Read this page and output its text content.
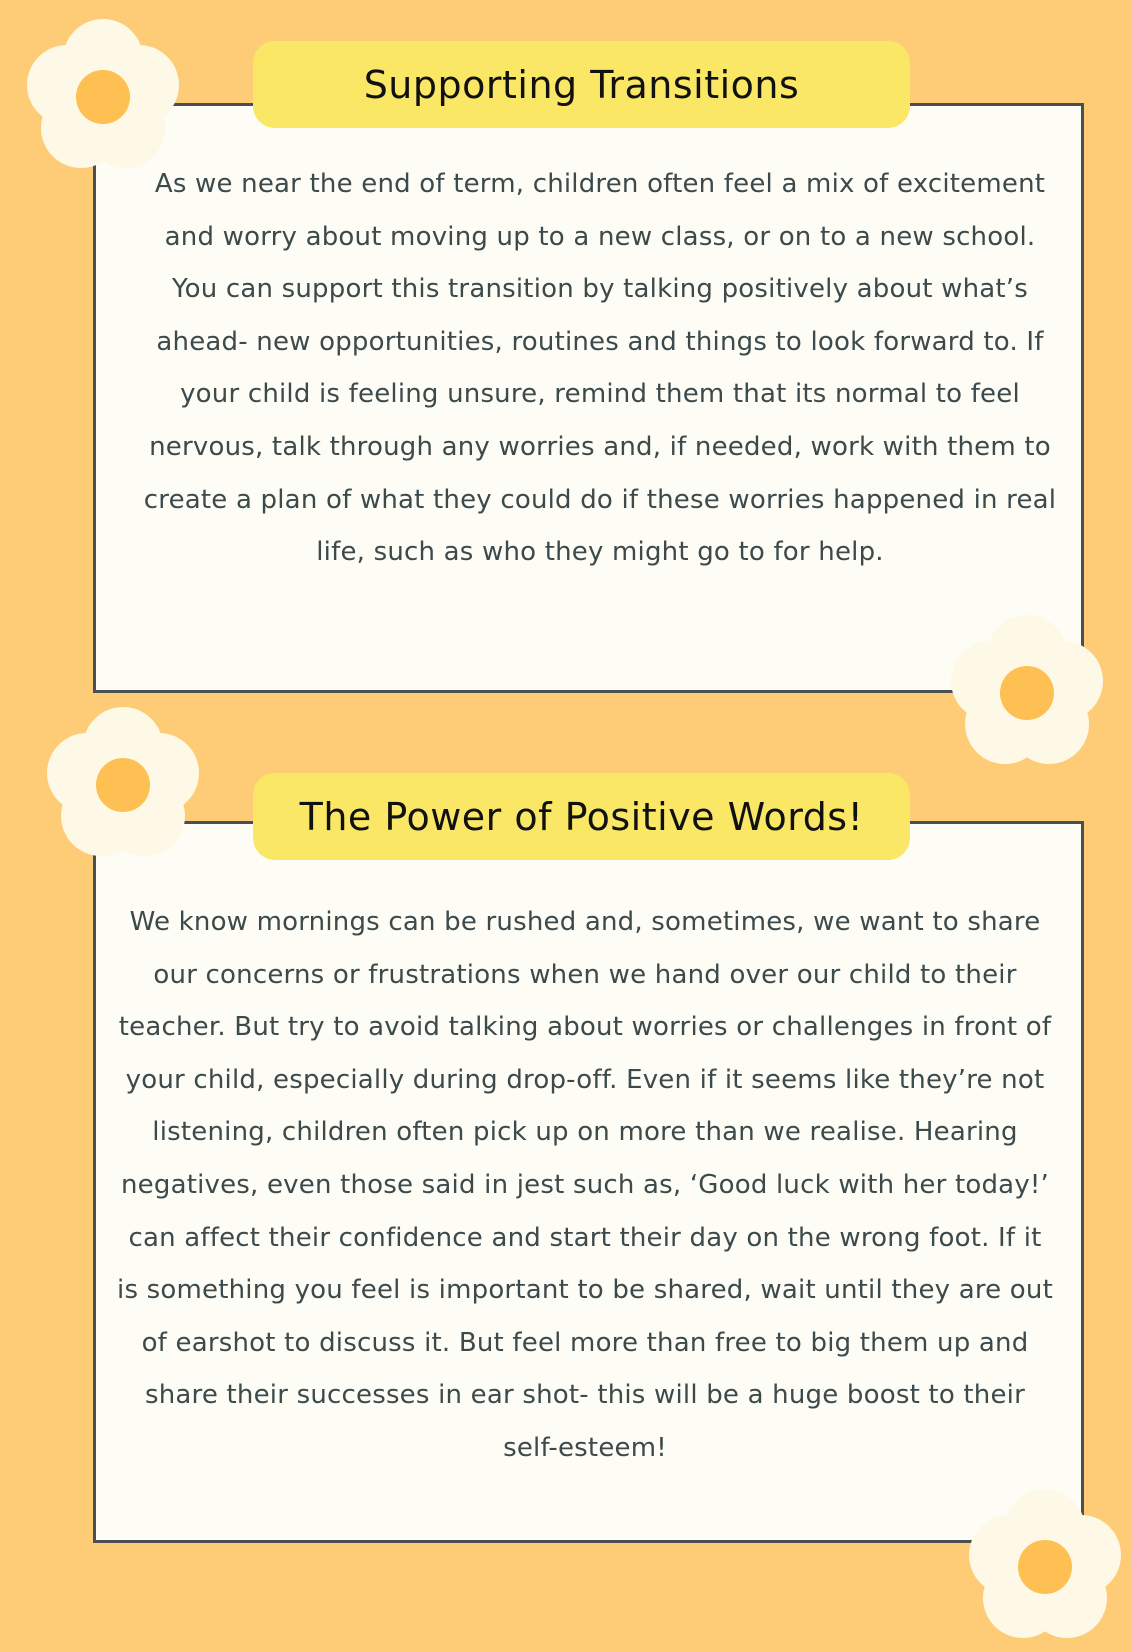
Supporting Transitions

As we near the end of term, children often feel a mix of excitement and worry about moving up to a new class, or on to a new school. You can support this transition by talking positively about what’s ahead- new opportunities, routines and things to look forward to. If your child is feeling unsure, remind them that its normal to feel nervous, talk through any worries and, if needed, work with them to create a plan of what they could do if these worries happened in real life, such as who they might go to for help.

The Power of Positive Words!

We know mornings can be rushed and, sometimes, we want to share our concerns or frustrations when we hand over our child to their teacher. But try to avoid talking about worries or challenges in front of your child, especially during drop-off. Even if it seems like they’re not listening, children often pick up on more than we realise. Hearing negatives, even those said in jest such as, ‘Good luck with her today!’ can affect their confidence and start their day on the wrong foot. If it is something you feel is important to be shared, wait until they are out of earshot to discuss it. But feel more than free to big them up and share their successes in ear shot- this will be a huge boost to their self-esteem!
